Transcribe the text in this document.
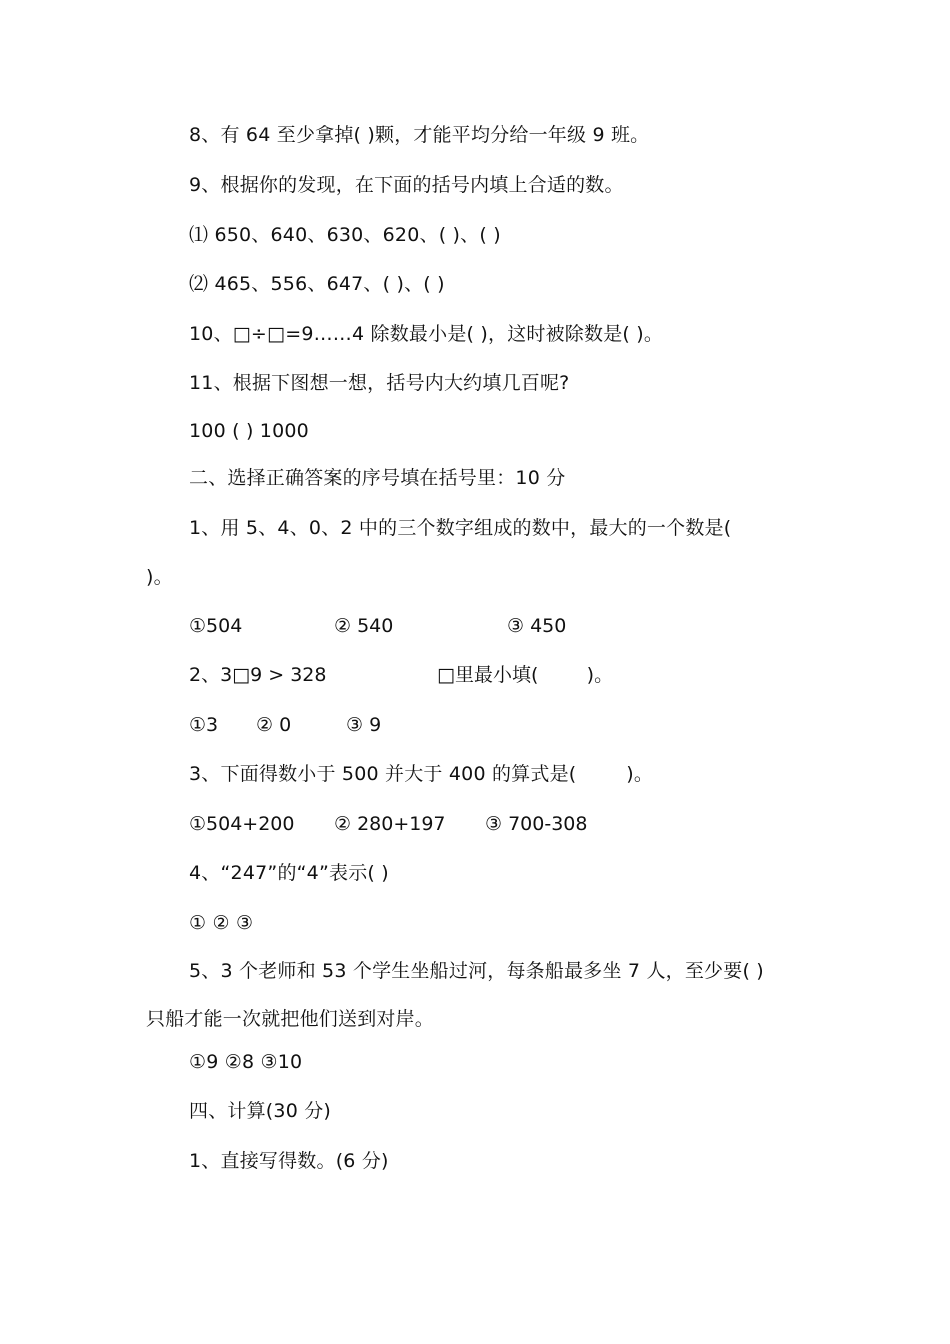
8、有 64 至少拿掉( )颗，才能平均分给一年级 9 班。
9、根据你的发现，在下面的括号内填上合适的数。
⑴ 650、640、630、620、( )、( )
⑵ 465、556、647、( )、( )
10、□÷□=9……4 除数最小是( )，这时被除数是( )。
11、根据下图想一想，括号内大约填几百呢?
100 ( ) 1000
二、选择正确答案的序号填在括号里：10 分
1、用 5、4、0、2 中的三个数字组成的数中，最大的一个数是(
)。
①504	② 540	③ 450
2、3□9 > 328	□里最小填(        )。
①3 ② 0	③ 9
3、下面得数小于 500 并大于 400 的算式是(        )。
①504+200 ② 280+197 ③ 700-308
4、“247”的“4”表示( )
① ② ③
5、3 个老师和 53 个学生坐船过河，每条船最多坐 7 人，至少要( )
只船才能一次就把他们送到对岸。
①9 ②8 ③10
四、计算(30 分)
1、直接写得数。(6 分)
